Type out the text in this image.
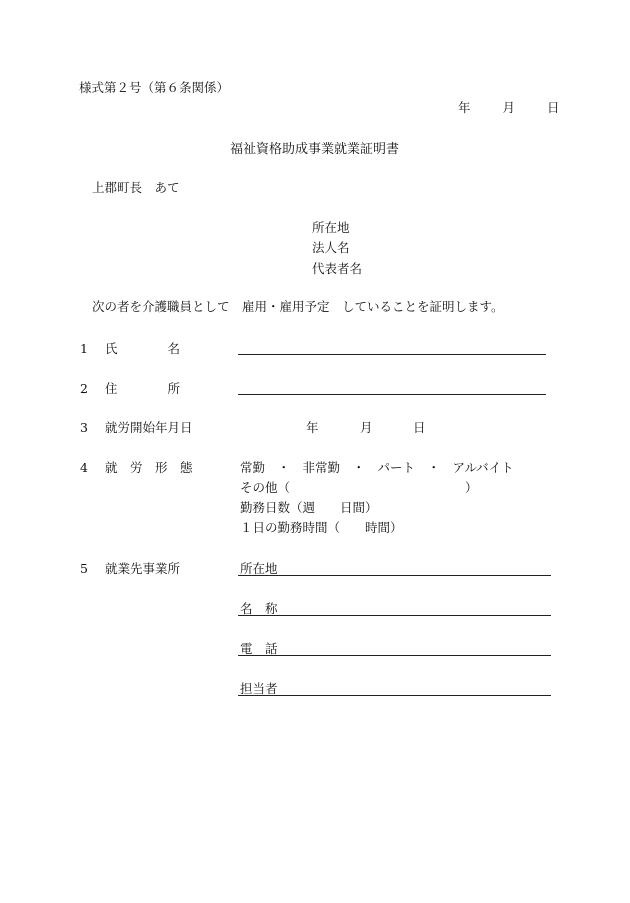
様式第２号（第６条関係）
年	月	日
福祉資格助成事業就業証明書
上郡町長　あて
所在地
法人名
代表者名
次の者を介護職員として　雇用・雇用予定　していることを証明します。
1 氏　　　　名
2 住　　　　所
3 就労開始年月日	年	月	日
4 就　労　形　態	常勤　・　非常勤　・　パート　・　アルバイト
その他（　　　　　　　　　　　　　　）
勤務日数（週　　日間）
１日の勤務時間（　　時間）
5 就業先事業所	所在地
名　称
電　話
担当者
